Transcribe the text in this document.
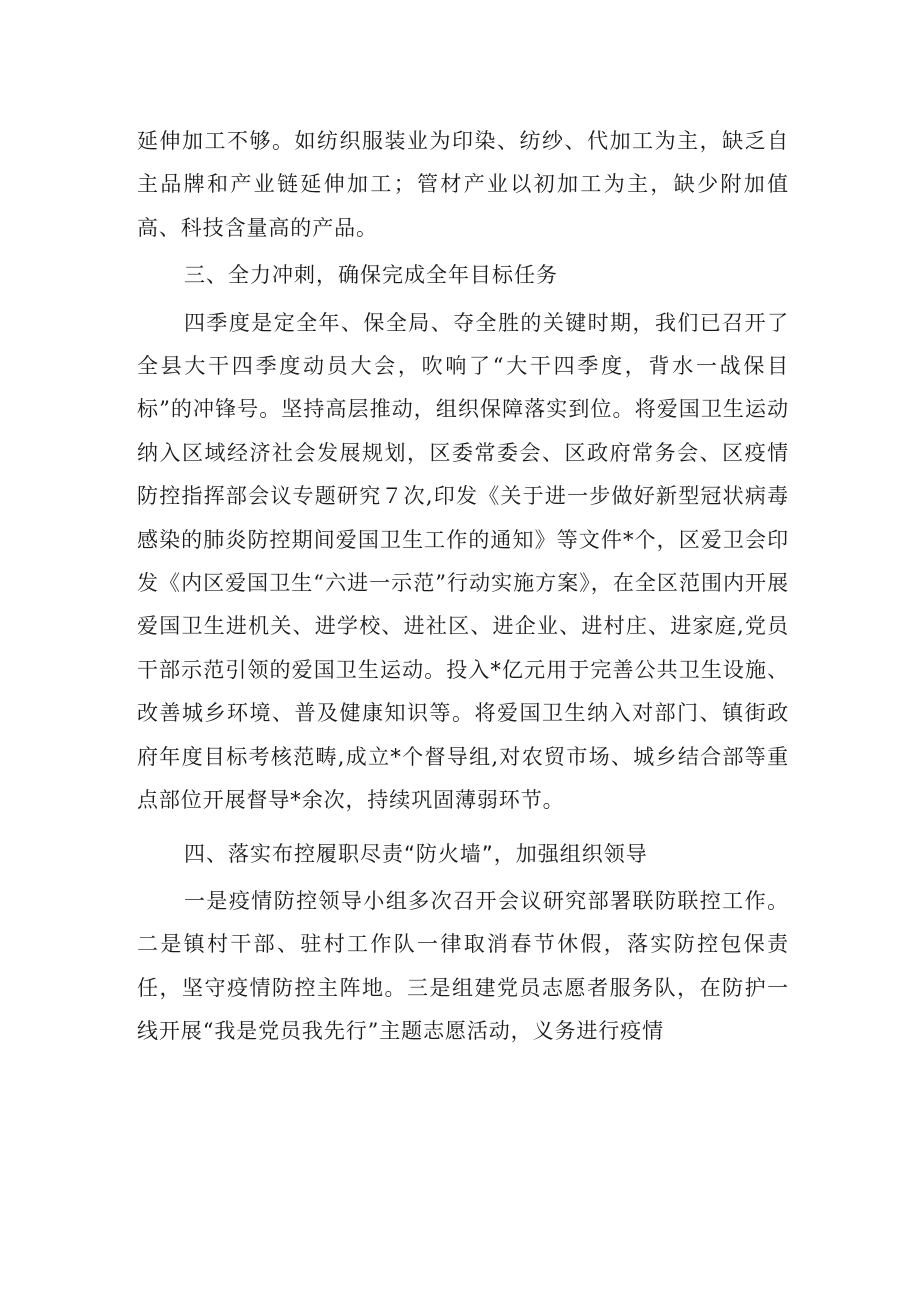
延伸加工不够。如纺织服装业为印染、纺纱、代加工为主，缺乏自主品牌和产业链延伸加工；管材产业以初加工为主，缺少附加值高、科技含量高的产品。

三、全力冲刺，确保完成全年目标任务

四季度是定全年、保全局、夺全胜的关键时期，我们已召开了全县大干四季度动员大会，吹响了“大干四季度，背水一战保目标”的冲锋号。坚持高层推动，组织保障落实到位。将爱国卫生运动纳入区域经济社会发展规划，区委常委会、区政府常务会、区疫情防控指挥部会议专题研究７次,印发《关于进一步做好新型冠状病毒感染的肺炎防控期间爱国卫生工作的通知》等文件*个，区爱卫会印发《内区爱国卫生“六进一示范”行动实施方案》，在全区范围内开展爱国卫生进机关、进学校、进社区、进企业、进村庄、进家庭,党员干部示范引领的爱国卫生运动。投入*亿元用于完善公共卫生设施、改善城乡环境、普及健康知识等。将爱国卫生纳入对部门、镇街政府年度目标考核范畴,成立*个督导组,对农贸市场、城乡结合部等重点部位开展督导*余次，持续巩固薄弱环节。

四、落实布控履职尽责“防火墙”，加强组织领导

一是疫情防控领导小组多次召开会议研究部署联防联控工作。二是镇村干部、驻村工作队一律取消春节休假，落实防控包保责任，坚守疫情防控主阵地。三是组建党员志愿者服务队，在防护一线开展“我是党员我先行”主题志愿活动，义务进行疫情
